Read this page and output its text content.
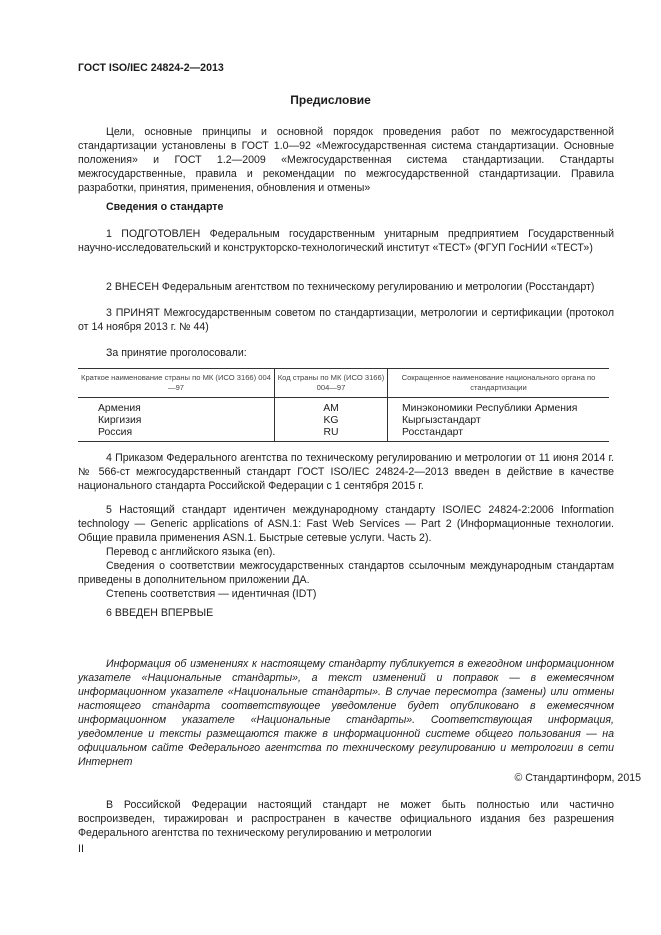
ГОСТ ISO/IEC 24824-2—2013
Предисловие

Цели, основные принципы и основной порядок проведения работ по межгосударственной стандартизации установлены в ГОСТ 1.0—92 «Межгосударственная система стандартизации. Основные положения» и ГОСТ 1.2—2009 «Межгосударственная система стандартизации. Стандарты межгосударственные, правила и рекомендации по межгосударственной стандартизации. Правила разработки, принятия, применения, обновления и отмены»

Сведения о стандарте

1 ПОДГОТОВЛЕН Федеральным государственным унитарным предприятием Государственный научно-исследовательский и конструкторско-технологический институт «ТЕСТ» (ФГУП ГосНИИ «ТЕСТ»)

2 ВНЕСЕН Федеральным агентством по техническому регулированию и метрологии (Росстандарт)

3 ПРИНЯТ Межгосударственным советом по стандартизации, метрологии и сертификации (протокол от 14 ноября 2013 г. № 44)

За принятие проголосовали:

Краткое наименование страны по МК (ИСО 3166) 004—97	Код страны по МК (ИСО 3166) 004—97	Сокращенное наименование национального органа по стандартизации
Армения	AM	Минэкономики Республики Армения
Киргизия	KG	Кыргызстандарт
Россия	RU	Росстандарт

4 Приказом Федерального агентства по техническому регулированию и метрологии от 11 июня 2014 г. № 566-ст межгосударственный стандарт ГОСТ ISO/IEC 24824-2—2013 введен в действие в качестве национального стандарта Российской Федерации с 1 сентября 2015 г.

5 Настоящий стандарт идентичен международному стандарту ISO/IEC 24824-2:2006 Information technology — Generic applications of ASN.1: Fast Web Services — Part 2 (Информационные технологии. Общие правила применения ASN.1. Быстрые сетевые услуги. Часть 2).

Перевод с английского языка (en).

Сведения о соответствии межгосударственных стандартов ссылочным международным стандартам приведены в дополнительном приложении ДА.

Степень соответствия — идентичная (IDT)

6 ВВЕДЕН ВПЕРВЫЕ

Информация об изменениях к настоящему стандарту публикуется в ежегодном информационном указателе «Национальные стандарты», а текст изменений и поправок — в ежемесячном информационном указателе «Национальные стандарты». В случае пересмотра (замены) или отмены настоящего стандарта соответствующее уведомление будет опубликовано в ежемесячном информационном указателе «Национальные стандарты». Соответствующая информация, уведомление и тексты размещаются также в информационной системе общего пользования — на официальном сайте Федерального агентства по техническому регулированию и метрологии в сети Интернет

© Стандартинформ, 2015

В Российской Федерации настоящий стандарт не может быть полностью или частично воспроизведен, тиражирован и распространен в качестве официального издания без разрешения Федерального агентства по техническому регулированию и метрологии

II
